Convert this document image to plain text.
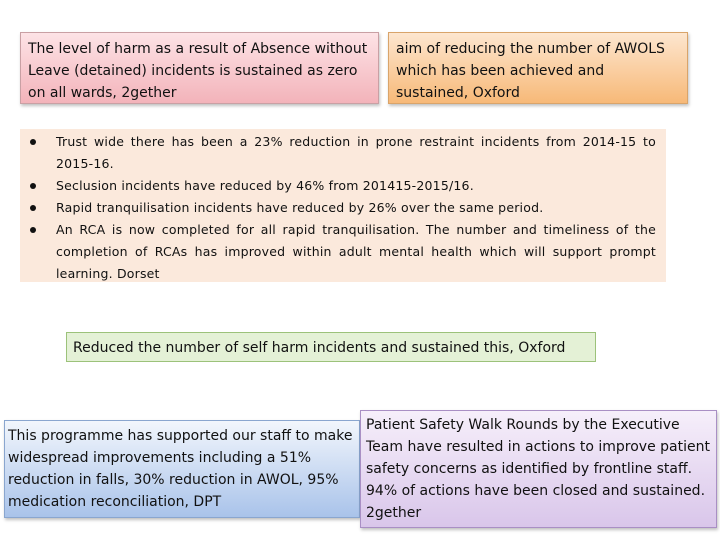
The level of harm as a result of Absence without Leave (detained) incidents is sustained as zero on all wards, 2gether
aim of reducing the number of AWOLS which has been achieved and sustained, Oxford
Trust wide there has been a 23% reduction in prone restraint incidents from 2014-15 to 2015-16.
Seclusion incidents have reduced by 46% from 201415-2015/16.
Rapid tranquilisation incidents have reduced by 26% over the same period.
An RCA is now completed for all rapid tranquilisation. The number and timeliness of the completion of RCAs has improved within adult mental health which will support prompt learning. Dorset
Reduced the number of self harm incidents and sustained this, Oxford
This programme has supported our staff to make widespread improvements including a 51% reduction in falls, 30% reduction in AWOL, 95% medication reconciliation, DPT
Patient Safety Walk Rounds by the Executive Team have resulted in actions to improve patient safety concerns as identified by frontline staff. 94% of actions have been closed and sustained. 2gether
